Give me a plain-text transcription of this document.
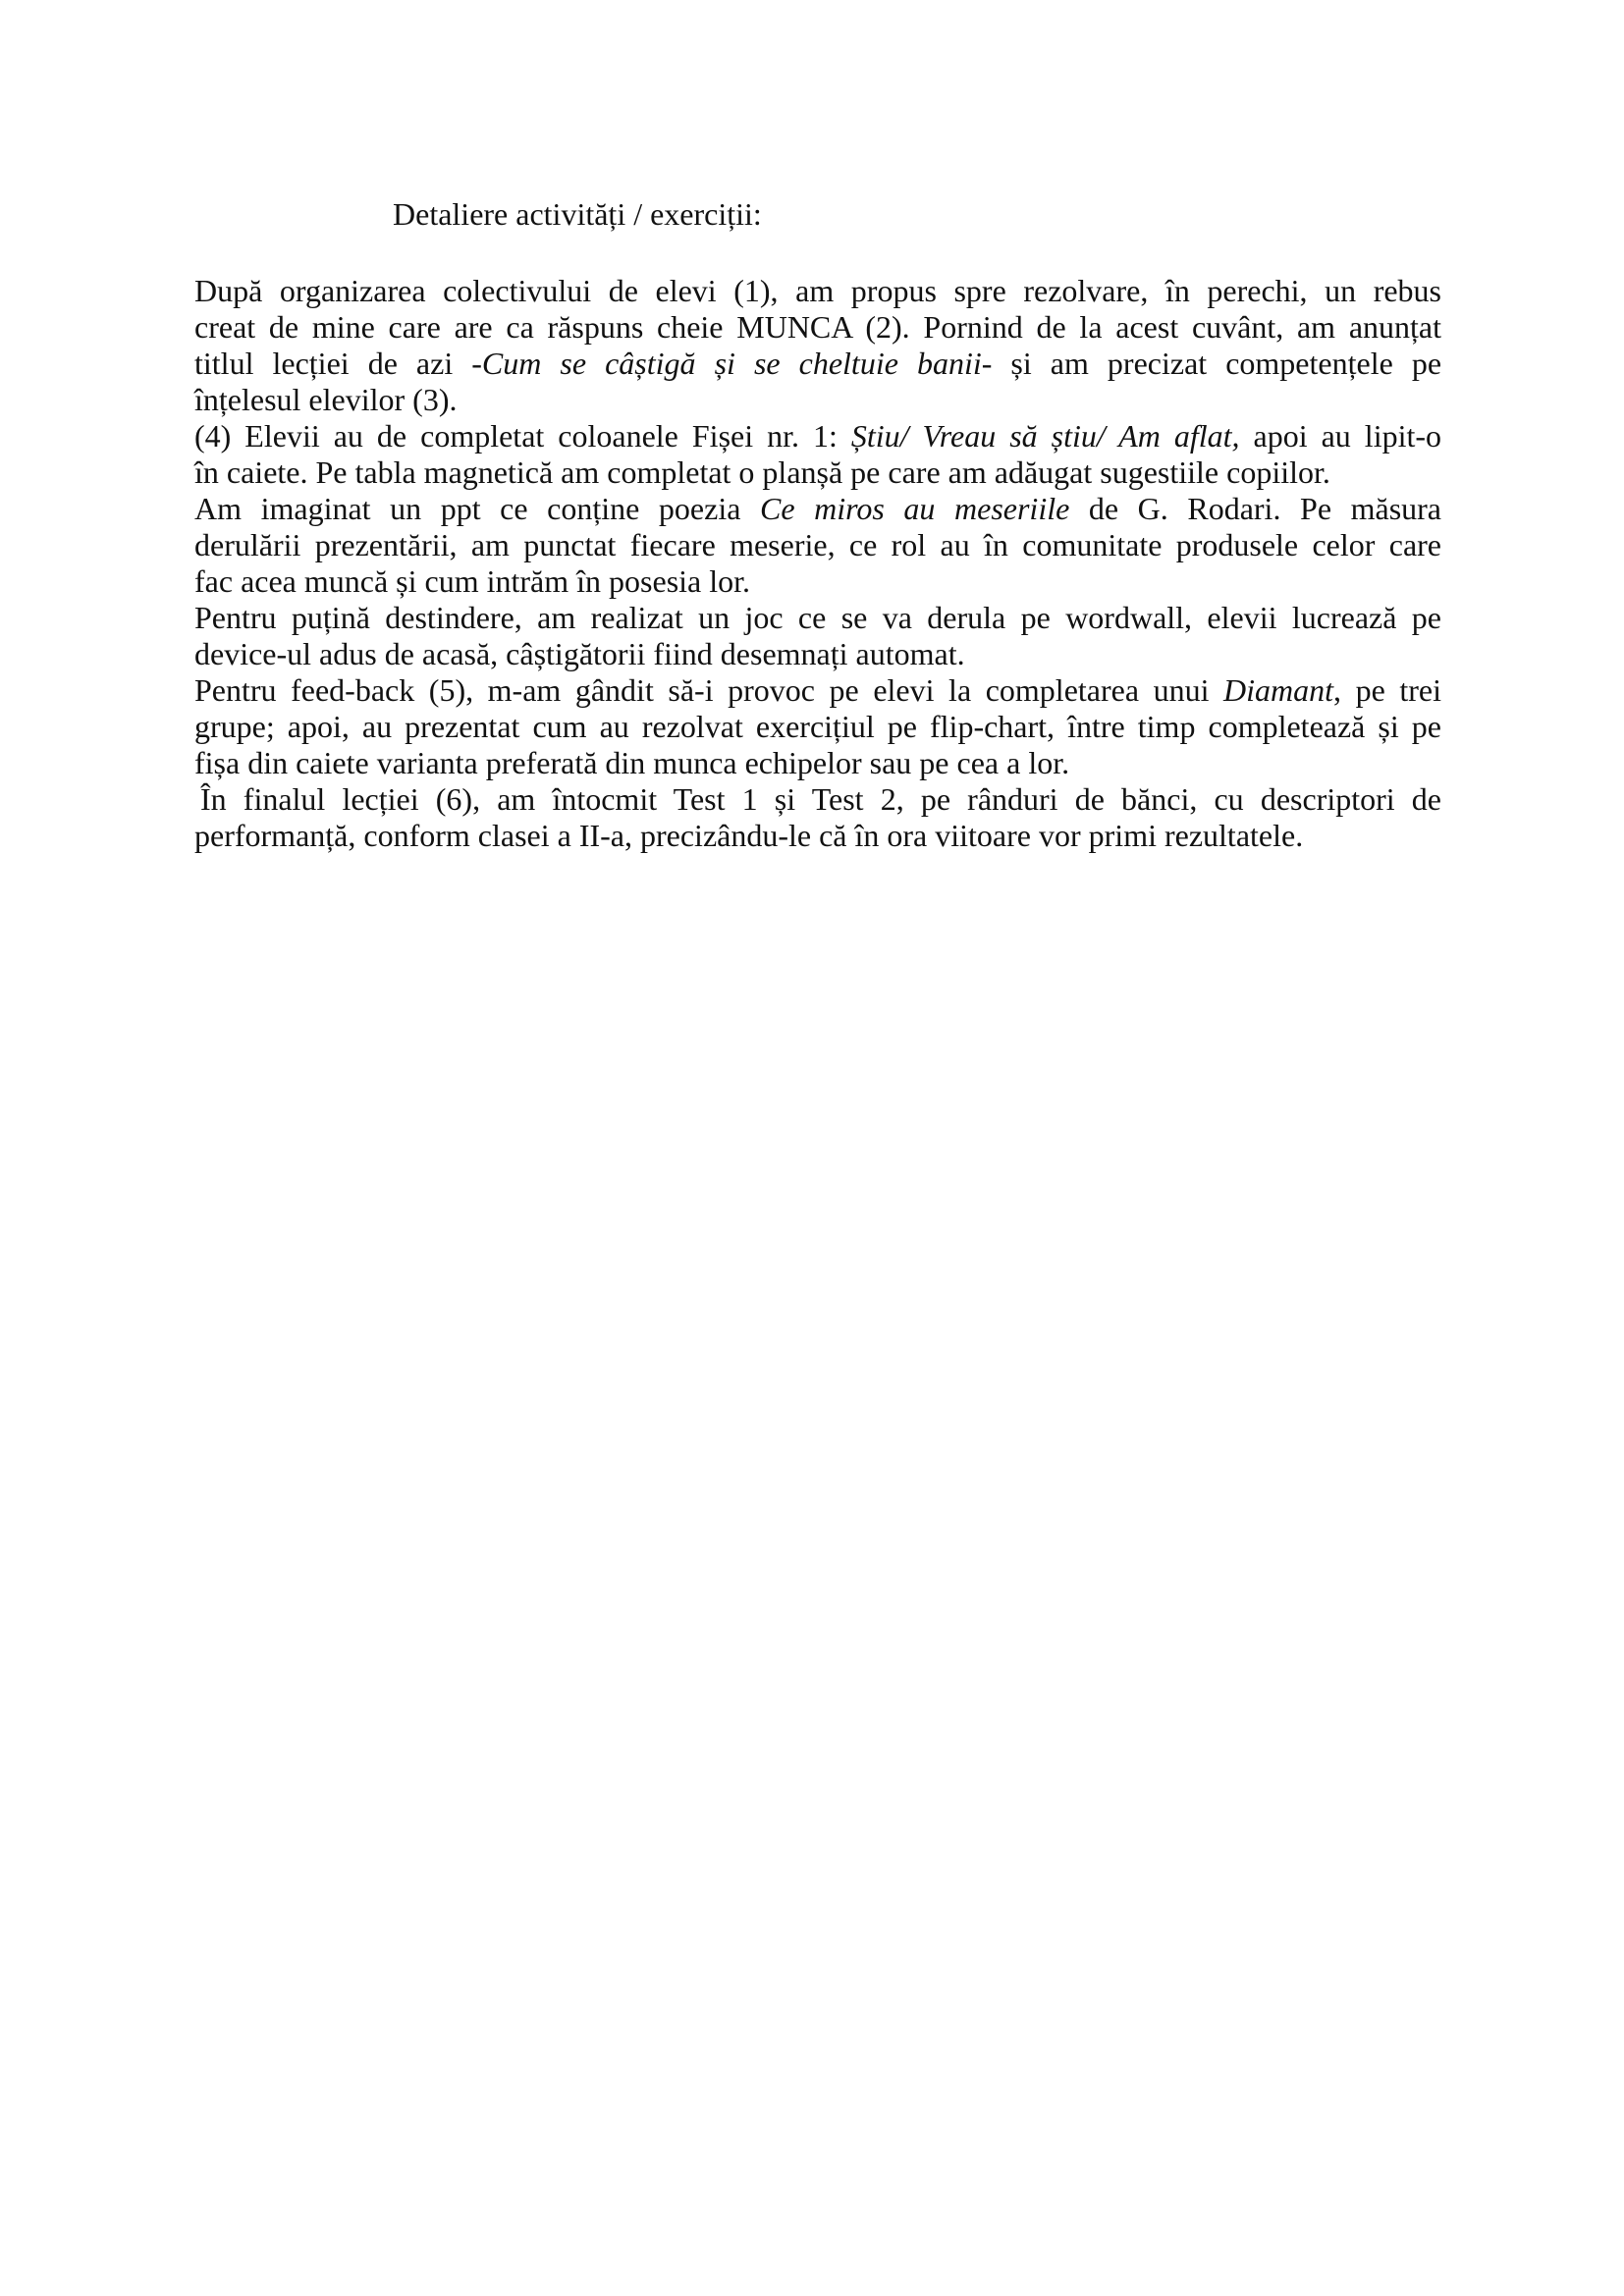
Detaliere activități / exerciții:
După organizarea colectivului de elevi (1), am propus spre rezolvare, în perechi, un rebus
creat de mine care are ca răspuns cheie MUNCA (2). Pornind de la acest cuvânt, am anunțat
titlul lecției de azi -Cum se câștigă și se cheltuie banii- și am precizat competențele pe
înțelesul elevilor (3).
(4) Elevii au de completat coloanele Fișei nr. 1: Știu/ Vreau să știu/ Am aflat, apoi au lipit-o
în caiete. Pe tabla magnetică am completat o planșă pe care am adăugat sugestiile copiilor.
Am imaginat un ppt ce conține poezia Ce miros au meseriile de G. Rodari. Pe măsura
derulării prezentării, am punctat fiecare meserie, ce rol au în comunitate produsele celor care
fac acea muncă și cum intrăm în posesia lor.
Pentru puțină destindere, am realizat un joc ce se va derula pe wordwall, elevii lucrează pe
device-ul adus de acasă, câștigătorii fiind desemnați automat.
Pentru feed-back (5), m-am gândit să-i provoc pe elevi la completarea unui Diamant, pe trei
grupe; apoi, au prezentat cum au rezolvat exercițiul pe flip-chart, între timp completează și pe
fișa din caiete varianta preferată din munca echipelor sau pe cea a lor.
În finalul lecției (6), am întocmit Test 1 și Test 2, pe rânduri de bănci, cu descriptori de
performanță, conform clasei a II-a, precizându-le că în ora viitoare vor primi rezultatele.
